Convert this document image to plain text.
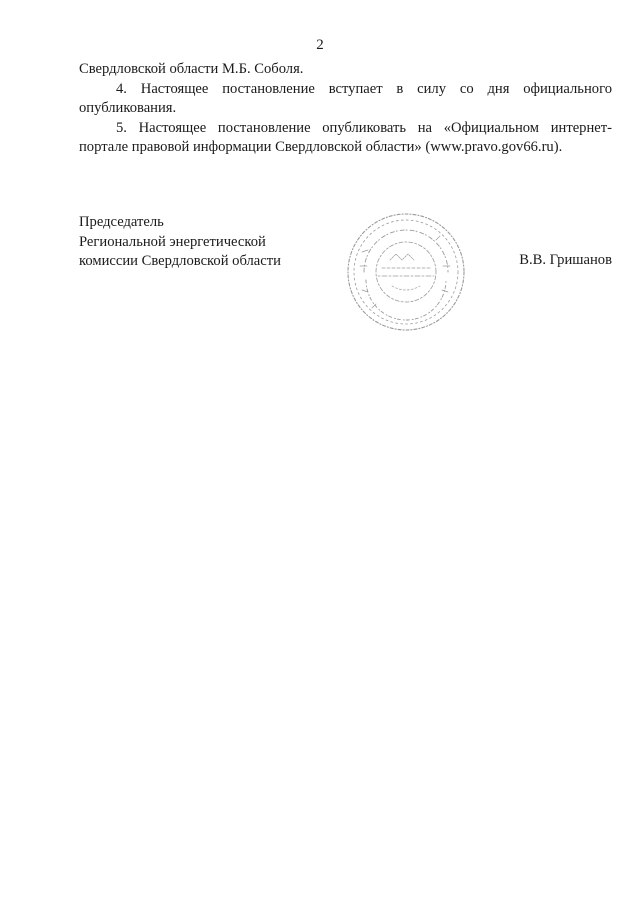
2

Свердловской области М.Б. Соболя.

4. Настоящее постановление вступает в силу со дня официального опубликования.

5. Настоящее постановление опубликовать на «Официальном интернет-портале правовой информации Свердловской области» (www.pravo.gov66.ru).

Председатель
Региональной энергетической
комиссии Свердловской области	В.В. Гришанов
